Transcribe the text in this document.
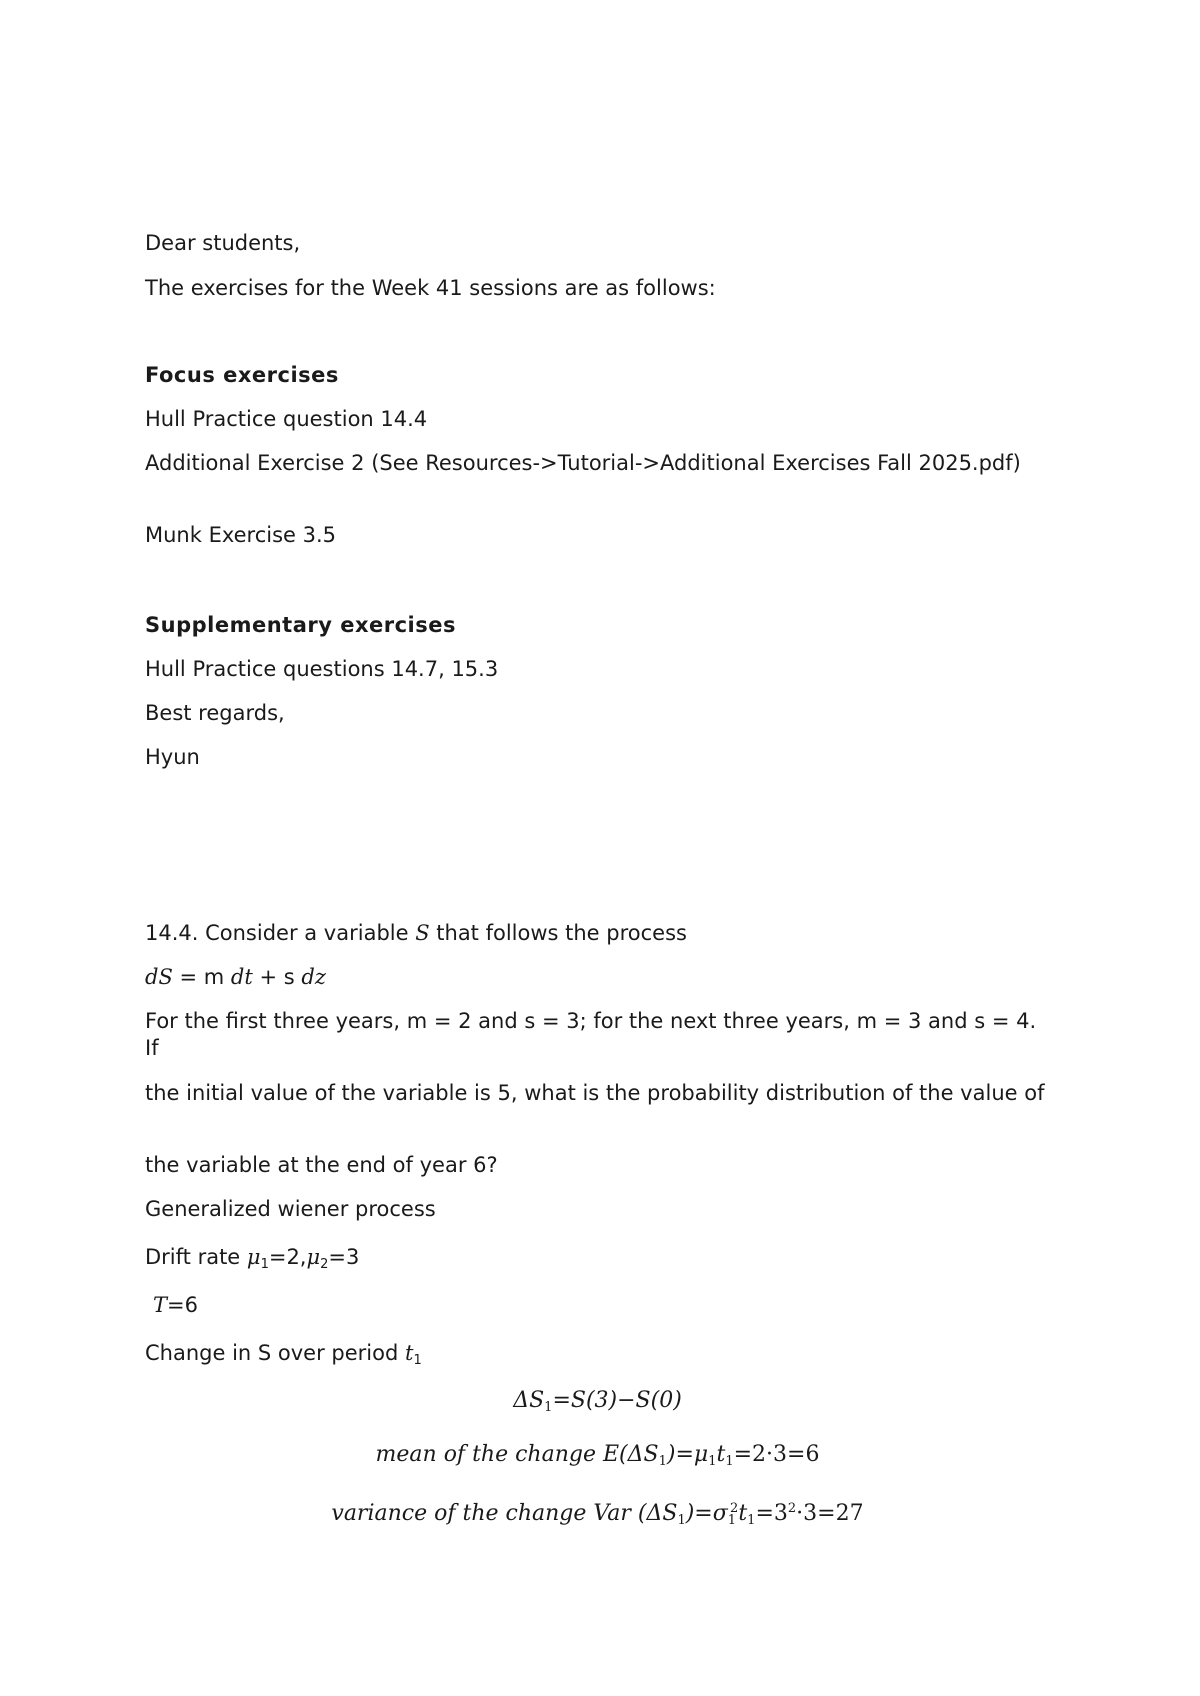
Dear students,

The exercises for the Week 41 sessions are as follows:

Focus exercises

Hull Practice question 14.4

Additional Exercise 2 (See Resources->Tutorial->Additional Exercises Fall 2025.pdf)

Munk Exercise 3.5

Supplementary exercises

Hull Practice questions 14.7, 15.3

Best regards,

Hyun

14.4. Consider a variable S that follows the process

dS = m dt + s dz

For the first three years, m = 2 and s = 3; for the next three years, m = 3 and s = 4. If

the initial value of the variable is 5, what is the probability distribution of the value of

the variable at the end of year 6?

Generalized wiener process

Drift rate $\mu_1=2,\mu_2=3$

T=6

Change in S over period $t_1$

$\Delta S_1=S(3)-S(0)$

mean of the change $E(\Delta S_1)=\mu_1t_1=2\cdot 3=6$

variance of the change Var $(\Delta S_1)=\sigma_1^2t_1=3^2\cdot 3=27$
